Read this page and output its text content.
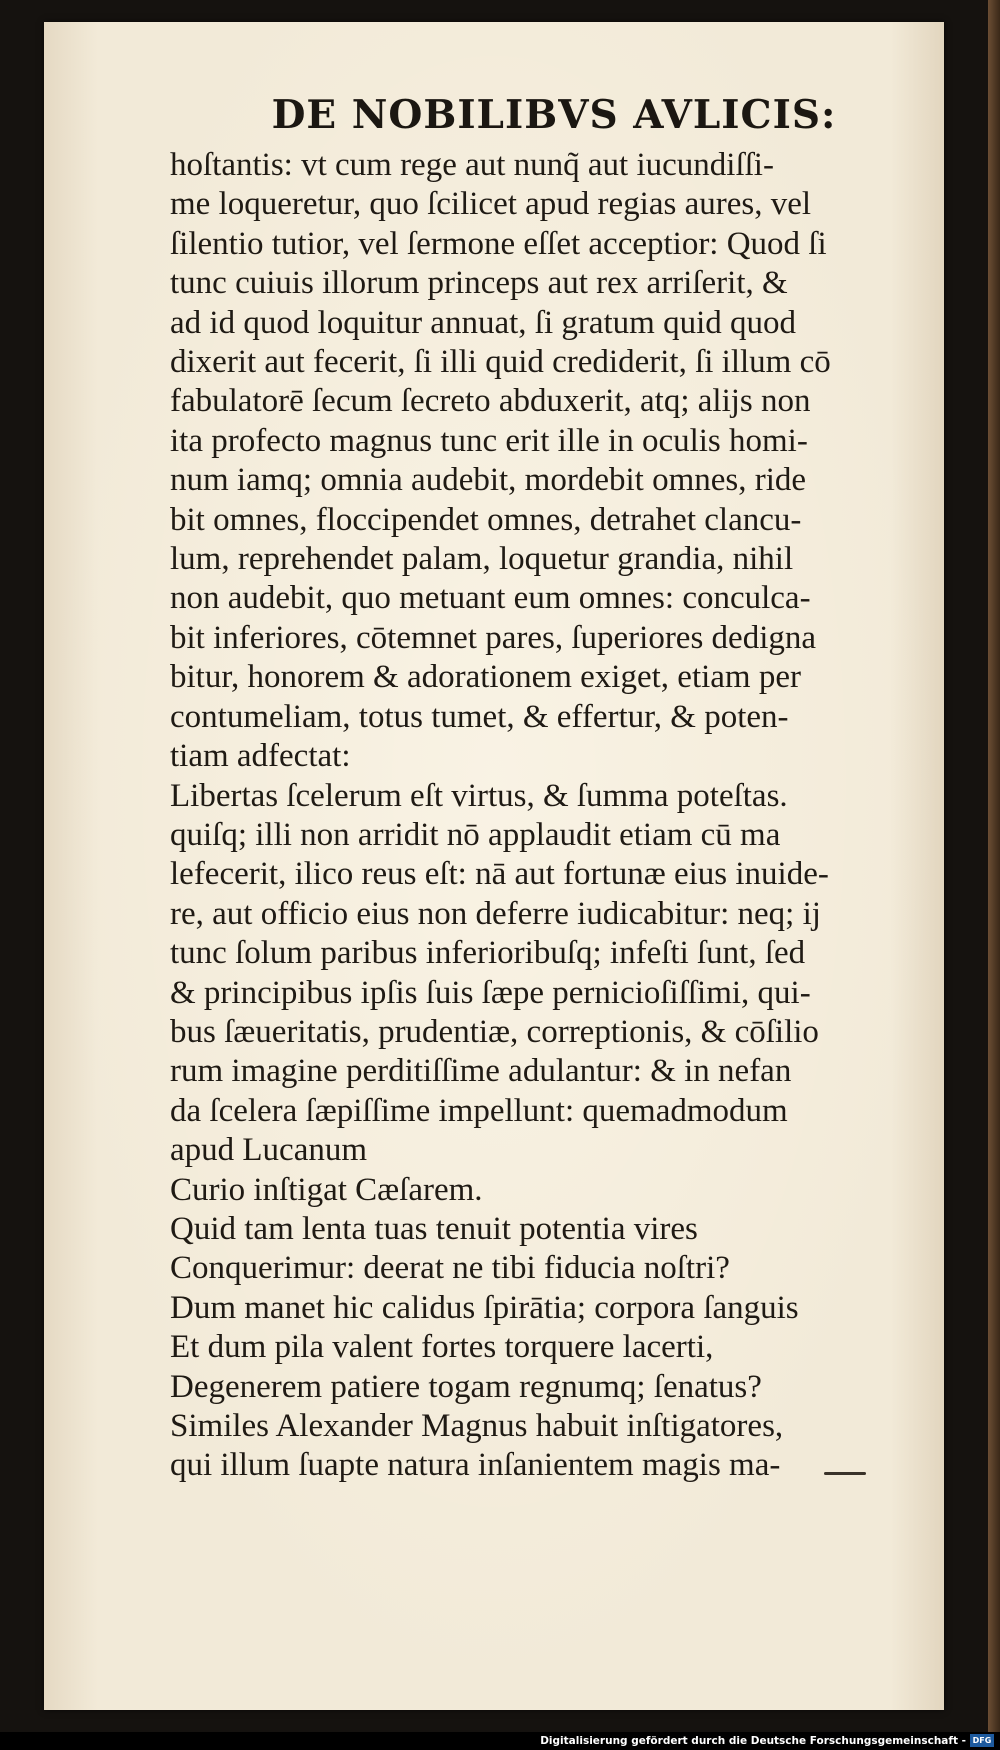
DE NOBILIBVS AVLICIS:
hoſtantis: vt cum rege aut nunq̃ aut iucundiſſi-
me loqueretur, quo ſcilicet apud regias aures, vel
ſilentio tutior, vel ſermone eſſet acceptior: Quod ſi
tunc cuiuis illorum princeps aut rex arriſerit, &
ad id quod loquitur annuat, ſi gratum quid quod
dixerit aut fecerit, ſi illi quid crediderit, ſi illum cō
fabulatorē ſecum ſecreto abduxerit, atq; alijs non
ita profecto magnus tunc erit ille in oculis homi-
num iamq; omnia audebit, mordebit omnes, ride
bit omnes, floccipendet omnes, detrahet clancu-
lum, reprehendet palam, loquetur grandia, nihil
non audebit, quo metuant eum omnes: conculca-
bit inferiores, cōtemnet pares, ſuperiores dedigna
bitur, honorem & adorationem exiget, etiam per
contumeliam, totus tumet, & effertur, & poten-
tiam adfectat:
Libertas ſcelerum eſt virtus, & ſumma poteſtas.
quiſq; illi non arridit nō applaudit etiam cū ma
lefecerit, ilico reus eſt: nā aut fortunæ eius inuide-
re, aut officio eius non deferre iudicabitur: neq; ij
tunc ſolum paribus inferioribuſq; infeſti ſunt, ſed
& principibus ipſis ſuis ſæpe pernicioſiſſimi, qui-
bus ſæueritatis, prudentiæ, correptionis, & cōſilio
rum imagine perditiſſime adulantur: & in nefan
da ſcelera ſæpiſſime impellunt: quemadmodum
apud Lucanum
Curio inſtigat Cæſarem.
Quid tam lenta tuas tenuit potentia vires
Conquerimur: deerat ne tibi fiducia noſtri?
Dum manet hic calidus ſpirātia; corpora ſanguis
Et dum pila valent fortes torquere lacerti,
Degenerem patiere togam regnumq; ſenatus?
Similes Alexander Magnus habuit inſtigatores,
qui illum ſuapte natura inſanientem magis ma-
Digitalisierung gefördert durch die Deutsche Forschungsgemeinschaft - DFG
